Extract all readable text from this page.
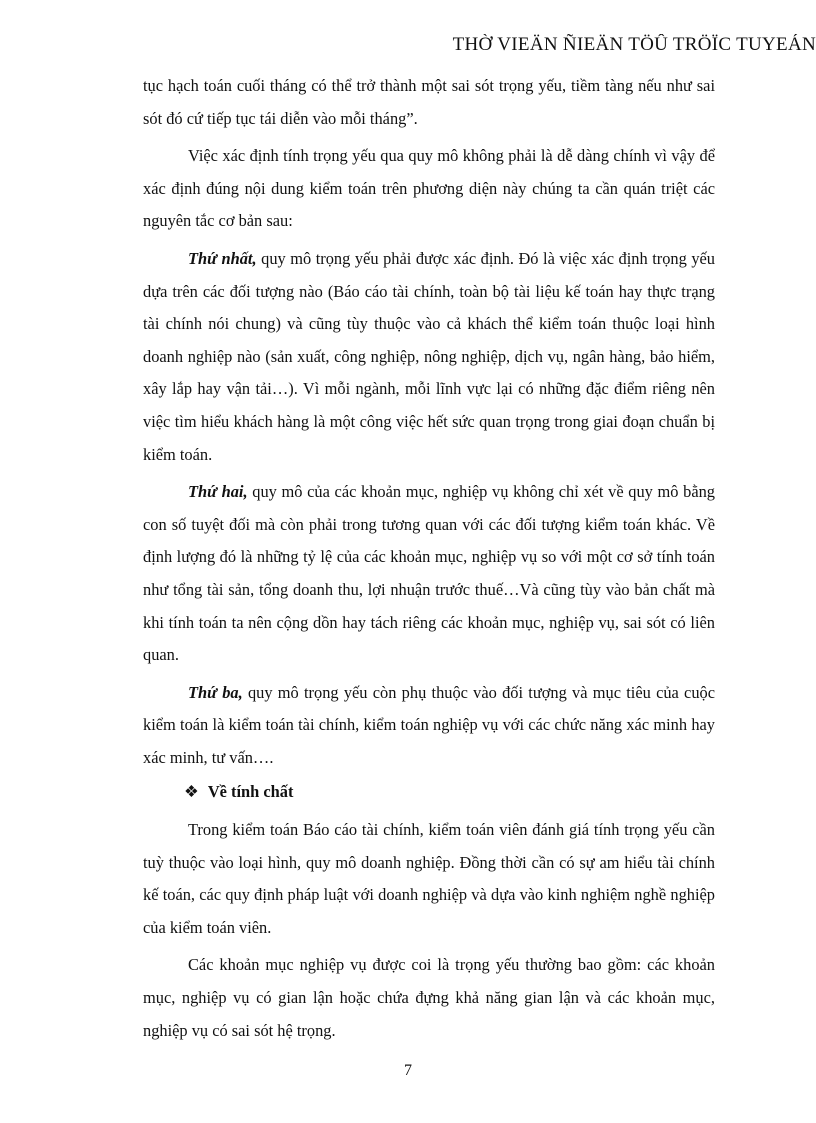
THỜ VIEÄN ÑIEÄN TÖÛ TRÖÏC TUYEÁN

tục hạch toán cuối tháng có thể trở thành một sai sót trọng yếu, tiềm tàng nếu như sai sót đó cứ tiếp tục tái diễn vào mỗi tháng”.

Việc xác định tính trọng yếu qua quy mô không phải là dễ dàng chính vì vậy để xác định đúng nội dung kiểm toán trên phương diện này chúng ta cần quán triệt các nguyên tắc cơ bản sau:

Thứ nhất, quy mô trọng yếu phải được xác định. Đó là việc xác định trọng yếu dựa trên các đối tượng nào (Báo cáo tài chính, toàn bộ tài liệu kế toán hay thực trạng tài chính nói chung) và cũng tùy thuộc vào cả khách thể kiểm toán thuộc loại hình doanh nghiệp nào (sản xuất, công nghiệp, nông nghiệp, dịch vụ, ngân hàng, bảo hiểm, xây lắp hay vận tải…). Vì mỗi ngành, mỗi lĩnh vực lại có những đặc điểm riêng nên việc tìm hiểu khách hàng là một công việc hết sức quan trọng trong giai đoạn chuẩn bị kiểm toán.

Thứ hai, quy mô của các khoản mục, nghiệp vụ không chỉ xét về quy mô bằng con số tuyệt đối mà còn phải trong tương quan với các đối tượng kiểm toán khác. Về định lượng đó là những tỷ lệ của các khoản mục, nghiệp vụ so với một cơ sở tính toán như tổng tài sản, tổng doanh thu, lợi nhuận trước thuế…Và cũng tùy vào bản chất mà khi tính toán ta nên cộng dồn hay tách riêng các khoản mục, nghiệp vụ, sai sót có liên quan.

Thứ ba, quy mô trọng yếu còn phụ thuộc vào đối tượng và mục tiêu của cuộc kiểm toán là kiểm toán tài chính, kiểm toán nghiệp vụ với các chức năng xác minh hay xác minh, tư vấn….

❖ Về tính chất

Trong kiểm toán Báo cáo tài chính, kiểm toán viên đánh giá tính trọng yếu cần tuỳ thuộc vào loại hình, quy mô doanh nghiệp. Đồng thời cần có sự am hiểu tài chính kế toán, các quy định pháp luật với doanh nghiệp và dựa vào kinh nghiệm nghề nghiệp của kiểm toán viên.

Các khoản mục nghiệp vụ được coi là trọng yếu thường bao gồm: các khoản mục, nghiệp vụ có gian lận hoặc chứa đựng khả năng gian lận và các khoản mục, nghiệp vụ có sai sót hệ trọng.

7
